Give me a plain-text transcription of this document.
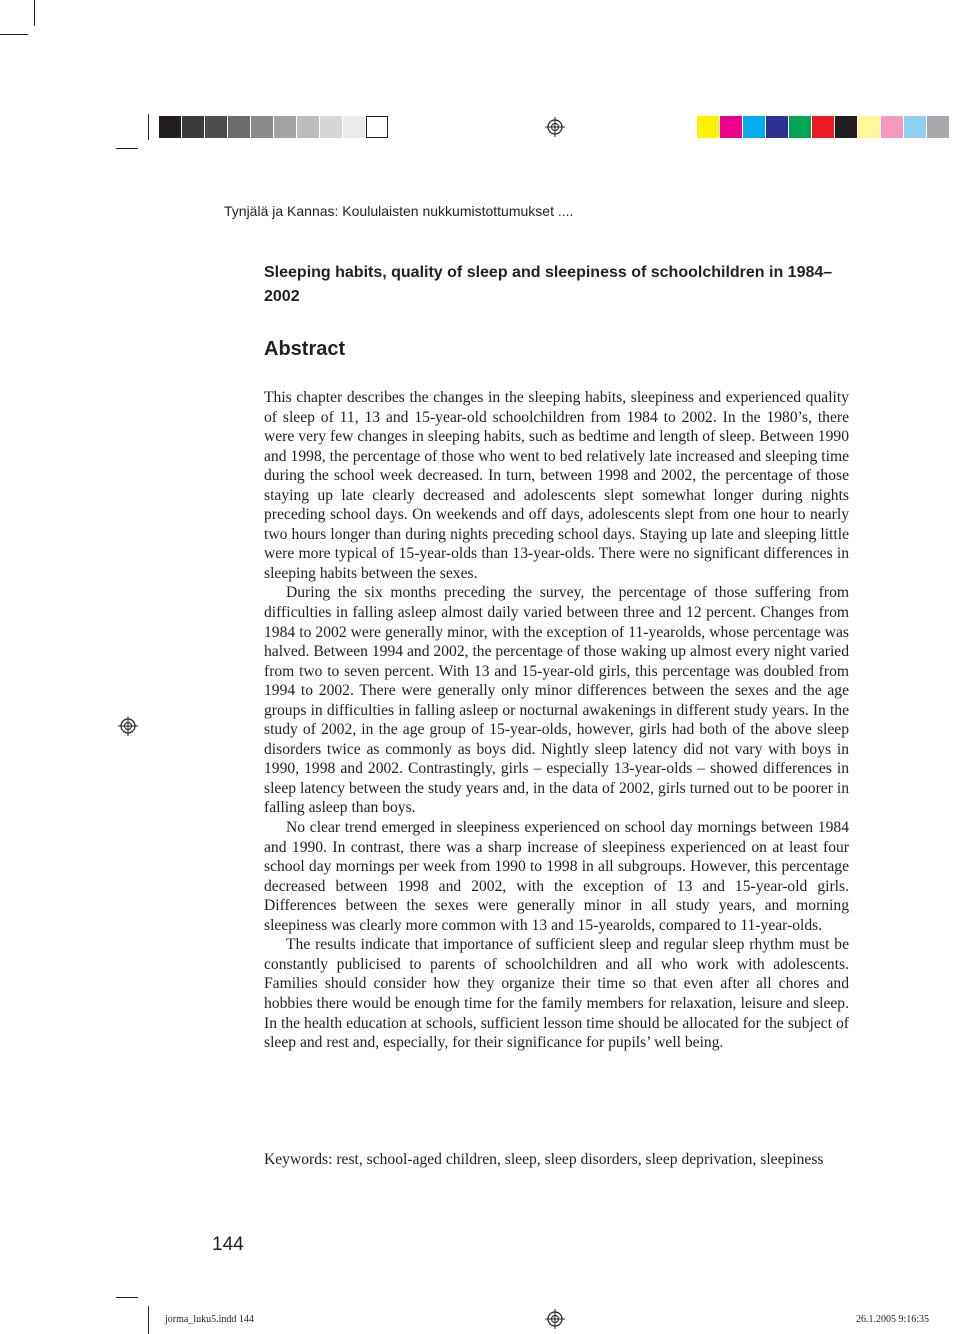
Tynjälä ja Kannas: Koululaisten nukkumistottumukset ....
Sleeping habits, quality of sleep and sleepiness of schoolchildren in 1984–2002
Abstract

This chapter describes the changes in the sleeping habits, sleepiness and experienced quality of sleep of 11, 13 and 15-year-old schoolchildren from 1984 to 2002. In the 1980’s, there were very few changes in sleeping habits, such as bedtime and length of sleep. Between 1990 and 1998, the percentage of those who went to bed relatively late increased and sleeping time during the school week decreased. In turn, between 1998 and 2002, the percentage of those staying up late clearly decreased and adolescents slept somewhat longer during nights preceding school days. On weekends and off days, adolescents slept from one hour to nearly two hours longer than during nights preceding school days. Staying up late and sleeping little were more typical of 15-year-olds than 13-year-olds. There were no significant differences in sleeping habits between the sexes.

During the six months preceding the survey, the percentage of those suffering from difficulties in falling asleep almost daily varied between three and 12 percent. Changes from 1984 to 2002 were generally minor, with the exception of 11-yearolds, whose percentage was halved. Between 1994 and 2002, the percentage of those waking up almost every night varied from two to seven percent. With 13 and 15-year-old girls, this percentage was doubled from 1994 to 2002. There were generally only minor differences between the sexes and the age groups in difficulties in falling asleep or nocturnal awakenings in different study years. In the study of 2002, in the age group of 15-year-olds, however, girls had both of the above sleep disorders twice as commonly as boys did. Nightly sleep latency did not vary with boys in 1990, 1998 and 2002. Contrastingly, girls – especially 13-year-olds – showed differences in sleep latency between the study years and, in the data of 2002, girls turned out to be poorer in falling asleep than boys.

No clear trend emerged in sleepiness experienced on school day mornings between 1984 and 1990. In contrast, there was a sharp increase of sleepiness experienced on at least four school day mornings per week from 1990 to 1998 in all subgroups. However, this percentage decreased between 1998 and 2002, with the exception of 13 and 15-year-old girls. Differences between the sexes were generally minor in all study years, and morning sleepiness was clearly more common with 13 and 15-yearolds, compared to 11-year-olds.

The results indicate that importance of sufficient sleep and regular sleep rhythm must be constantly publicised to parents of schoolchildren and all who work with adolescents. Families should consider how they organize their time so that even after all chores and hobbies there would be enough time for the family members for relaxation, leisure and sleep. In the health education at schools, sufficient lesson time should be allocated for the subject of sleep and rest and, especially, for their significance for pupils’ well being.

Keywords: rest, school-aged children, sleep, sleep disorders, sleep deprivation, sleepiness

144
jorma_luku5.indd 144	26.1.2005 9:16:35
